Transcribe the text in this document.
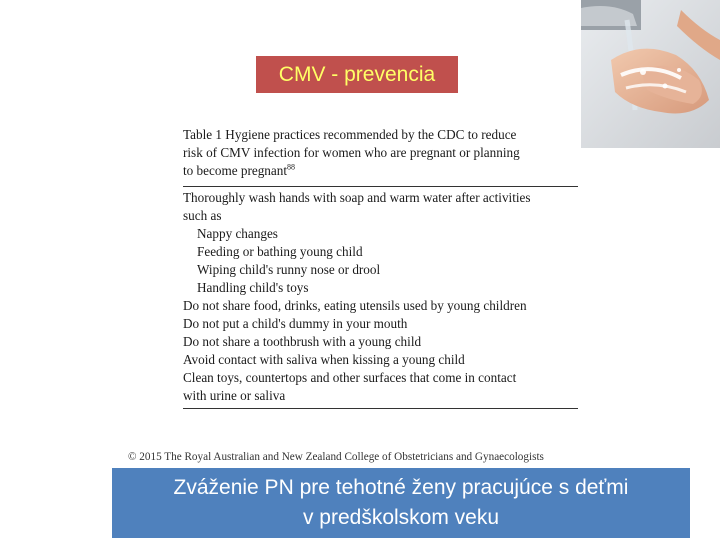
CMV - prevencia
Table 1 Hygiene practices recommended by the CDC to reduce
risk of CMV infection for women who are pregnant or planning
to become pregnant$^{88}$
Thoroughly wash hands with soap and warm water after activities
such as
Nappy changes
Feeding or bathing young child
Wiping child's runny nose or drool
Handling child's toys
Do not share food, drinks, eating utensils used by young children
Do not put a child's dummy in your mouth
Do not share a toothbrush with a young child
Avoid contact with saliva when kissing a young child
Clean toys, countertops and other surfaces that come in contact
with urine or saliva
© 2015 The Royal Australian and New Zealand College of Obstetricians and Gynaecologists
Zváženie PN pre tehotné ženy pracujúce s deťmi
v predškolskom veku
